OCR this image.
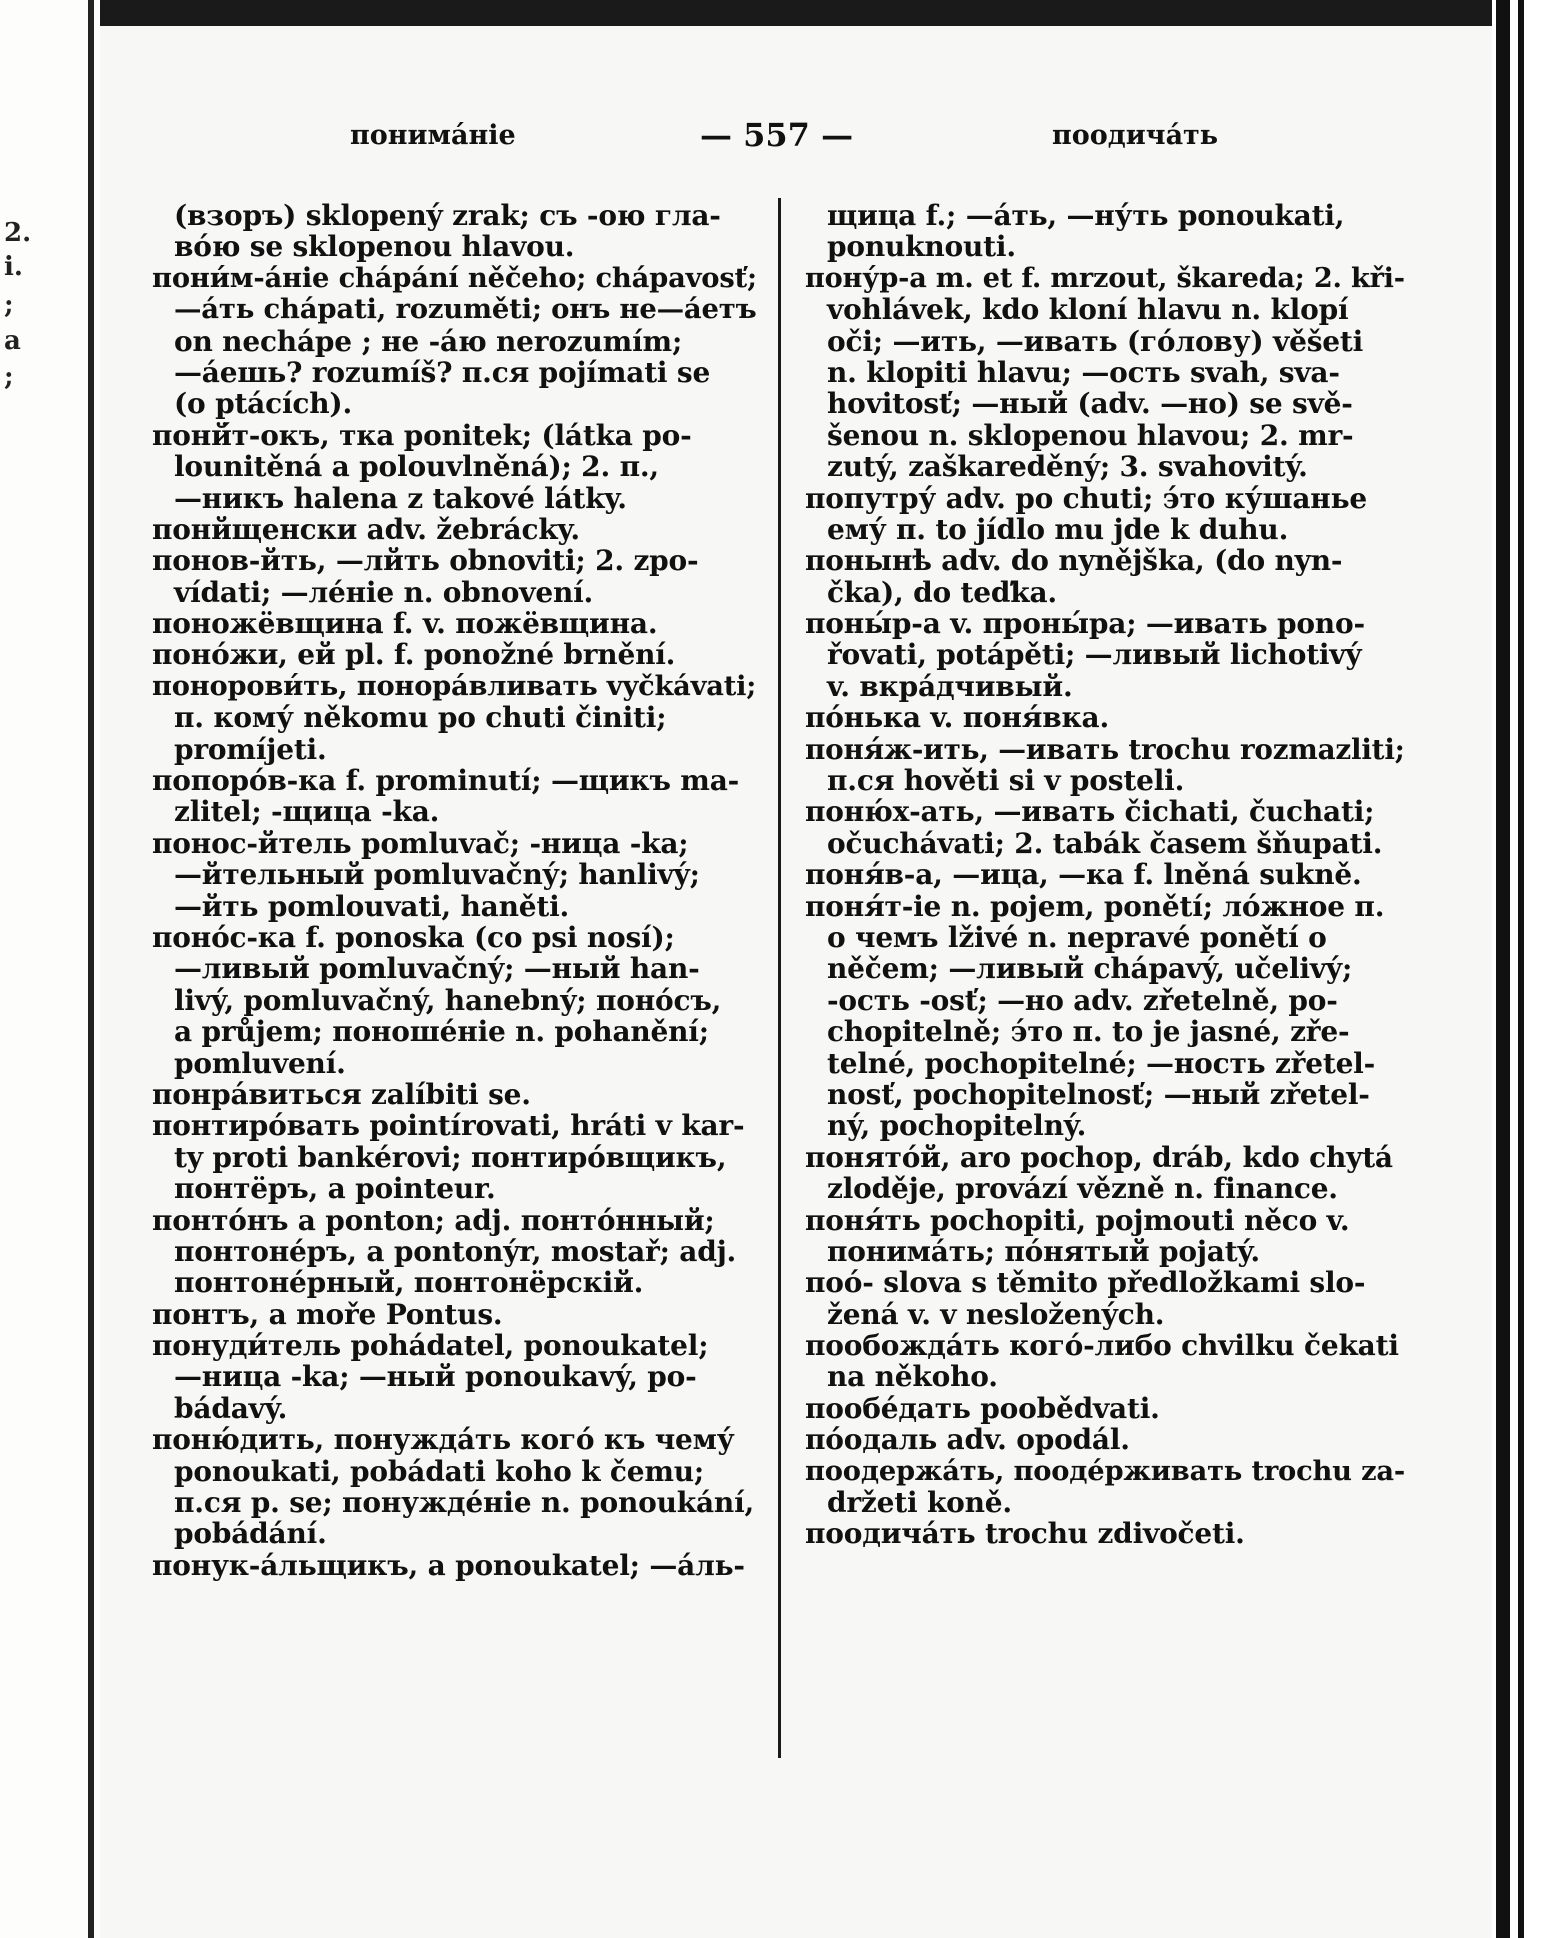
2.
i.
;
a
;
понима́ніе	— 557 —	поодичáть
(взоръ) sklopený zrak; съ -ою гла-
во́ю se sklopenou hlavou.
пони́м-áніе chápání něčeho; chápavosť;
—áть chápati, rozuměti; онъ не—áетъ
on nechápe ; не -áю nerozumím;
—áешь? rozumíš? п.ся pojímati se
(o ptácích).
понй́т-окъ, тка ponitek; (látka po-
lounitěná a polouvlněná); 2. п.,
—никъ halena z takové látky.
понйщенски adv. žebrácky.
понов-йть, —лйть obnoviti; 2. zpo-
vídati; —лéніе n. obnovení.
поножёвщина f. v. пожёвщина.
понóжи, ей pl. f. ponožné brnění.
понорови́ть, понора́вливать vyčkávati;
п. кому́ někomu po chuti činiti;
promíjeti.
попорóв-ка f. prominutí; —щикъ ma-
zlitel; -щица -ka.
понос-йтель pomluvač; -ница -ka;
—йтельный pomluvačný; hanlivý;
—йть pomlouvati, haněti.
понóс-ка f. ponoska (co psi nosí);
—ливый pomluvačný; —ный han-
livý, pomluvačný, hanebný; понóсъ,
a průjem; поношéніе n. pohanění;
pomluvení.
понра́виться zalíbiti se.
понтиро́вать pointírovati, hráti v kar-
ty proti bankérovi; понтиро́вщикъ,
понтёръ, a pointeur.
понтóнъ a ponton; adj. понтóнный;
понтонéръ, a pontonýr, mostař; adj.
понтонéрный, понтонёрскій.
понтъ, a moře Pontus.
понуди́тель pohádatel, ponoukatel;
—ница -ka; —ный ponoukavý, po-
bádavý.
поню́дить, понуждáть когó къ чему́
ponoukati, pobádati koho k čemu;
п.ся p. se; понуждéніе n. ponoukání,
pobádání.
понук-áльщикъ, a ponoukatel; —áль-
щица f.; —áть, —ну́ть ponoukati,
ponuknouti.
пону́р-а m. et f. mrzout, škareda; 2. kři-
vohlávek, kdo kloní hlavu n. klopí
oči; —ить, —ивать (гóлову) věšeti
n. klopiti hlavu; —ость svah, sva-
hovitosť; —ный (adv. —но) se svě-
šenou n. sklopenou hlavou; 2. mr-
zutý, zaškareděný; 3. svahovitý.
попутру́ adv. po chuti; э́то ку́шанье
ему́ п. to jídlo mu jde k duhu.
понынѣ adv. do nynějška, (do nyn-
čka), do teďka.
поны́р-а v. проны́ра; —ивать pono-
řovati, potápěti; —ливый lichotivý
v. вкрáдчивый.
по́нька v. поня́вка.
поня́ж-ить, —ивать trochu rozmazliti;
п.ся hověti si v posteli.
поню́х-ать, —ивать čichati, čuchati;
očuchávati; 2. tabák časem šňupati.
поня́в-а, —ица, —ка f. lněná sukně.
поня́т-іе n. pojem, ponětí; ло́жное п.
о чемъ lživé n. nepravé ponětí o
něčem; —ливый chápavý, učelivý;
-ость -osť; —но adv. zřetelně, po-
chopitelně; э́то п. to je jasné, zře-
telné, pochopitelné; —ность zřetel-
nosť, pochopitelnosť; —ный zřetel-
ný, pochopitelný.
понятóй, aro pochop, dráb, kdo chytá
zloděje, provází vězně n. financе.
поня́ть pochopiti, pojmouti něco v.
понимáть; по́нятый pojatý.
поо́- slova s těmito předložkami slo-
žená v. v nesložených.
пообождáть когó-либо chvilku čekati
na někoho.
пообе́дать poobědvati.
по́одаль adv. opodál.
поодержáть, поодéрживать trochu za-
držeti koně.
поодичáть trochu zdivočeti.
